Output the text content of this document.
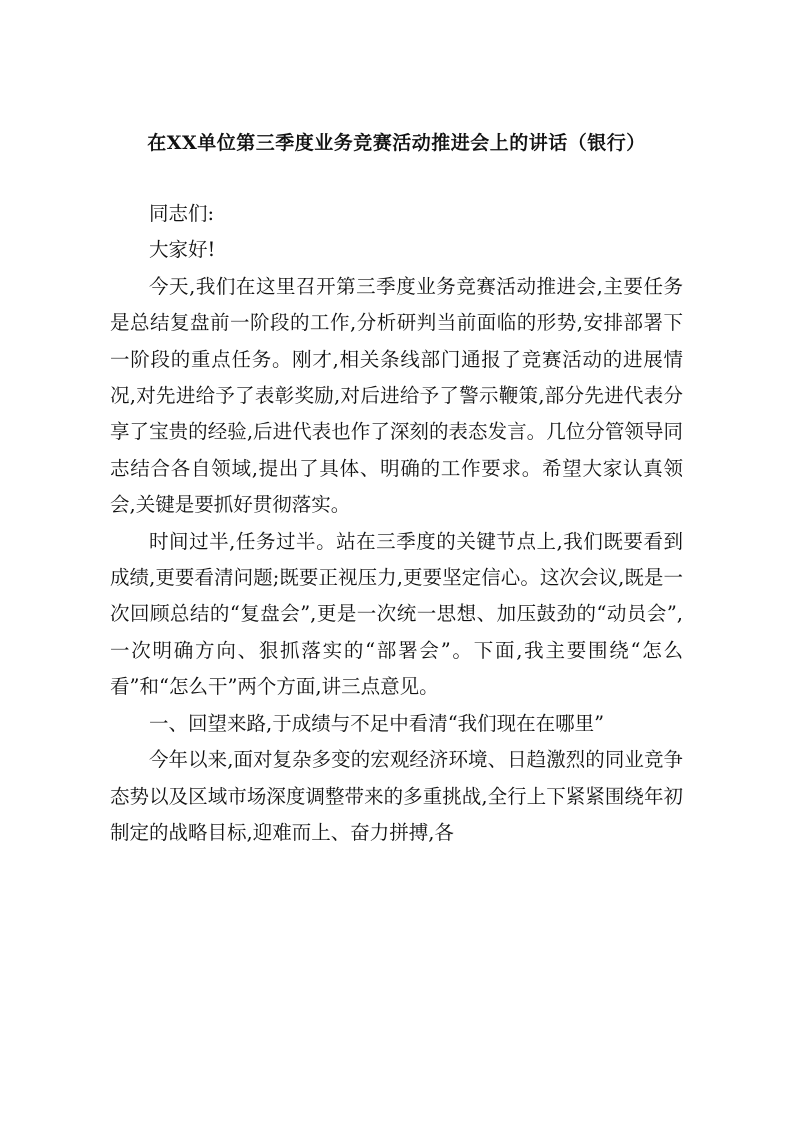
在XX单位第三季度业务竞赛活动推进会上的讲话（银行）

同志们:

大家好!

今天,我们在这里召开第三季度业务竞赛活动推进会,主要任务是总结复盘前一阶段的工作,分析研判当前面临的形势,安排部署下一阶段的重点任务。刚才,相关条线部门通报了竞赛活动的进展情况,对先进给予了表彰奖励,对后进给予了警示鞭策,部分先进代表分享了宝贵的经验,后进代表也作了深刻的表态发言。几位分管领导同志结合各自领域,提出了具体、明确的工作要求。希望大家认真领会,关键是要抓好贯彻落实。

时间过半,任务过半。站在三季度的关键节点上,我们既要看到成绩,更要看清问题;既要正视压力,更要坚定信心。这次会议,既是一次回顾总结的“复盘会”,更是一次统一思想、加压鼓劲的“动员会”,一次明确方向、狠抓落实的“部署会”。下面,我主要围绕“怎么看”和“怎么干”两个方面,讲三点意见。

一、回望来路,于成绩与不足中看清“我们现在在哪里”

今年以来,面对复杂多变的宏观经济环境、日趋激烈的同业竞争态势以及区域市场深度调整带来的多重挑战,全行上下紧紧围绕年初制定的战略目标,迎难而上、奋力拼搏,各
